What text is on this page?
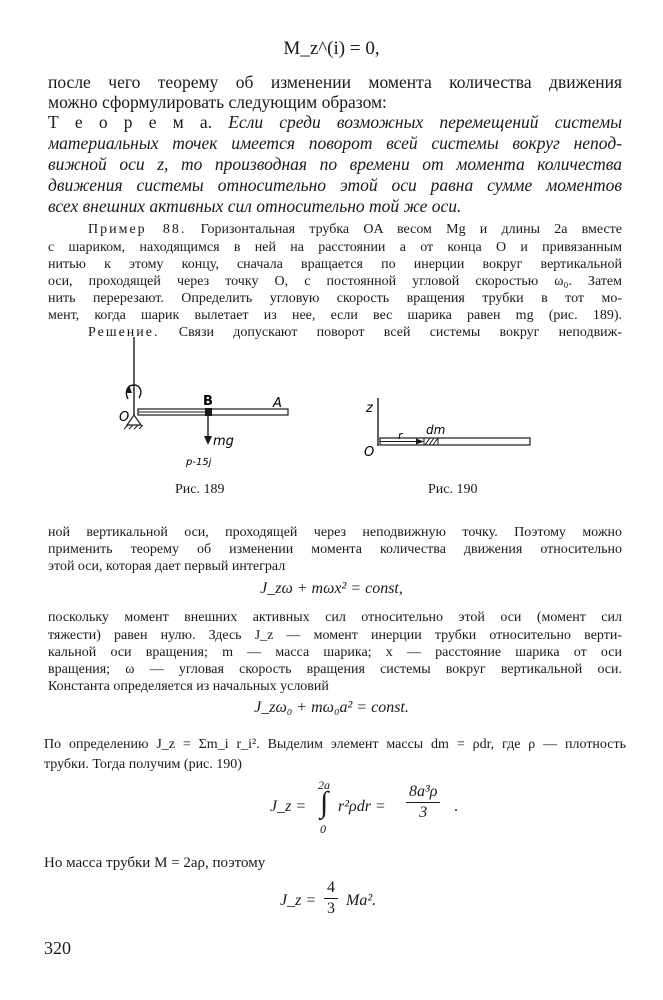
M_z^(i) = 0,
после чего теорему об изменении момента количества движения
можно сформулировать следующим образом:
Т е о р е м а. Если среди возможных перемещений системы
материальных точек имеется поворот всей системы вокруг непод-
вижной оси z, то производная по времени от момента количества
движения системы относительно этой оси равна сумме моментов
всех внешних активных сил относительно той же оси.
Пример 88. Горизонтальная трубка OA весом Mg и длины 2a вместе
с шариком, находящимся в ней на расстоянии a от конца O и привязанным
нитью к этому концу, сначала вращается по инерции вокруг вертикальной
оси, проходящей через точку O, с постоянной угловой скоростью ω₀. Затем
нить перерезают. Определить угловую скорость вращения трубки в тот мо-
мент, когда шарик вылетает из нее, если вес шарика равен mg (рис. 189).
Решение. Связи допускают поворот всей системы вокруг неподвиж-
O
B	A
mg
p-15j
Рис. 189
z
O
dm
r
Рис. 190
ной вертикальной оси, проходящей через неподвижную точку. Поэтому можно
применить теорему об изменении момента количества движения относительно
этой оси, которая дает первый интеграл
J_zω + mωx² = const,
поскольку момент внешних активных сил относительно этой оси (момент сил
тяжести) равен нулю. Здесь J_z — момент инерции трубки относительно верти-
кальной оси вращения; m — масса шарика; x — расстояние шарика от оси
вращения; ω — угловая скорость вращения системы вокруг вертикальной оси.
Константа определяется из начальных условий
J_zω₀ + mω₀a² = const.
По определению J_z = Σm_i r_i². Выделим элемент массы dm = ρdr, где ρ — плотность
трубки. Тогда получим (рис. 190)
J_z =
2a
∫
0
$r^2\rho dr = \frac{\text{8a³ρ}}{3}$ .
Но масса трубки M = 2aρ, поэтому
J_z = $\frac{4}{3} Ma^2$.
320
